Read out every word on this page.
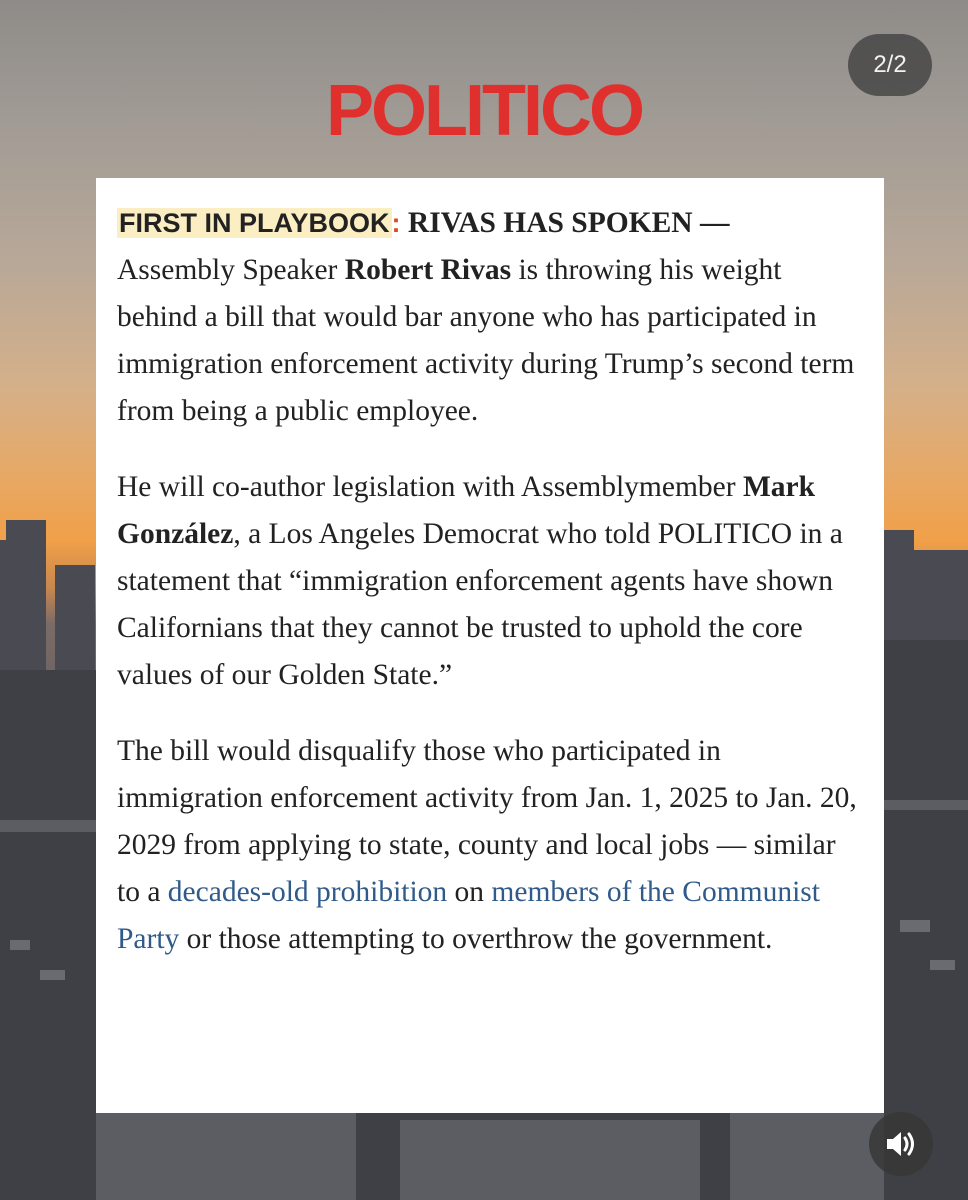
POLITICO
2/2

FIRST IN PLAYBOOK: RIVAS HAS SPOKEN —
Assembly Speaker Robert Rivas is throwing his weight behind a bill that would bar anyone who has participated in immigration enforcement activity during Trump’s second term from being a public employee.

He will co-author legislation with Assemblymember Mark González, a Los Angeles Democrat who told POLITICO in a statement that “immigration enforcement agents have shown Californians that they cannot be trusted to uphold the core values of our Golden State.”

The bill would disqualify those who participated in immigration enforcement activity from Jan. 1, 2025 to Jan. 20, 2029 from applying to state, county and local jobs — similar to a decades-old prohibition on members of the Communist Party or those attempting to overthrow the government.
